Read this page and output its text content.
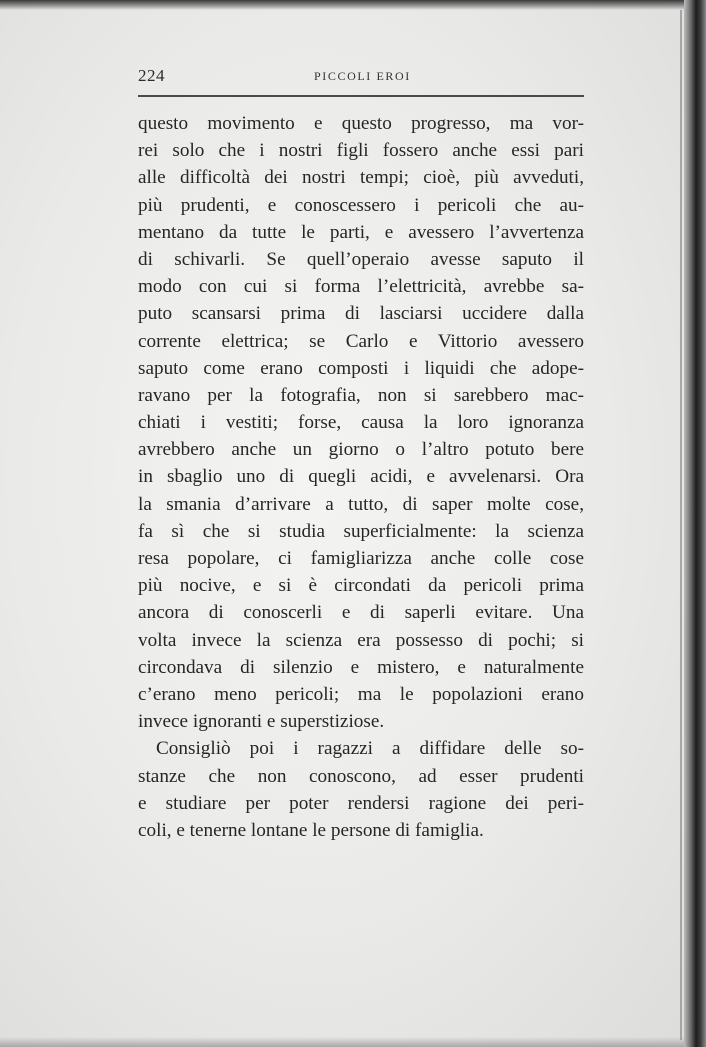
224	PICCOLI EROI
questo movimento e questo progresso, ma vor-
rei solo che i nostri figli fossero anche essi pari
alle difficoltà dei nostri tempi; cioè, più avveduti,
più prudenti, e conoscessero i pericoli che au-
mentano da tutte le parti, e avessero l’avvertenza
di schivarli. Se quell’operaio avesse saputo il
modo con cui si forma l’elettricità, avrebbe sa-
puto scansarsi prima di lasciarsi uccidere dalla
corrente elettrica; se Carlo e Vittorio avessero
saputo come erano composti i liquidi che adope-
ravano per la fotografia, non si sarebbero mac-
chiati i vestiti; forse, causa la loro ignoranza
avrebbero anche un giorno o l’altro potuto bere
in sbaglio uno di quegli acidi, e avvelenarsi. Ora
la smania d’arrivare a tutto, di saper molte cose,
fa sì che si studia superficialmente: la scienza
resa popolare, ci famigliarizza anche colle cose
più nocive, e si è circondati da pericoli prima
ancora di conoscerli e di saperli evitare. Una
volta invece la scienza era possesso di pochi; si
circondava di silenzio e mistero, e naturalmente
c’erano meno pericoli; ma le popolazioni erano
invece ignoranti e superstiziose.
Consigliò poi i ragazzi a diffidare delle so-
stanze che non conoscono, ad esser prudenti
e studiare per poter rendersi ragione dei peri-
coli, e tenerne lontane le persone di famiglia.
